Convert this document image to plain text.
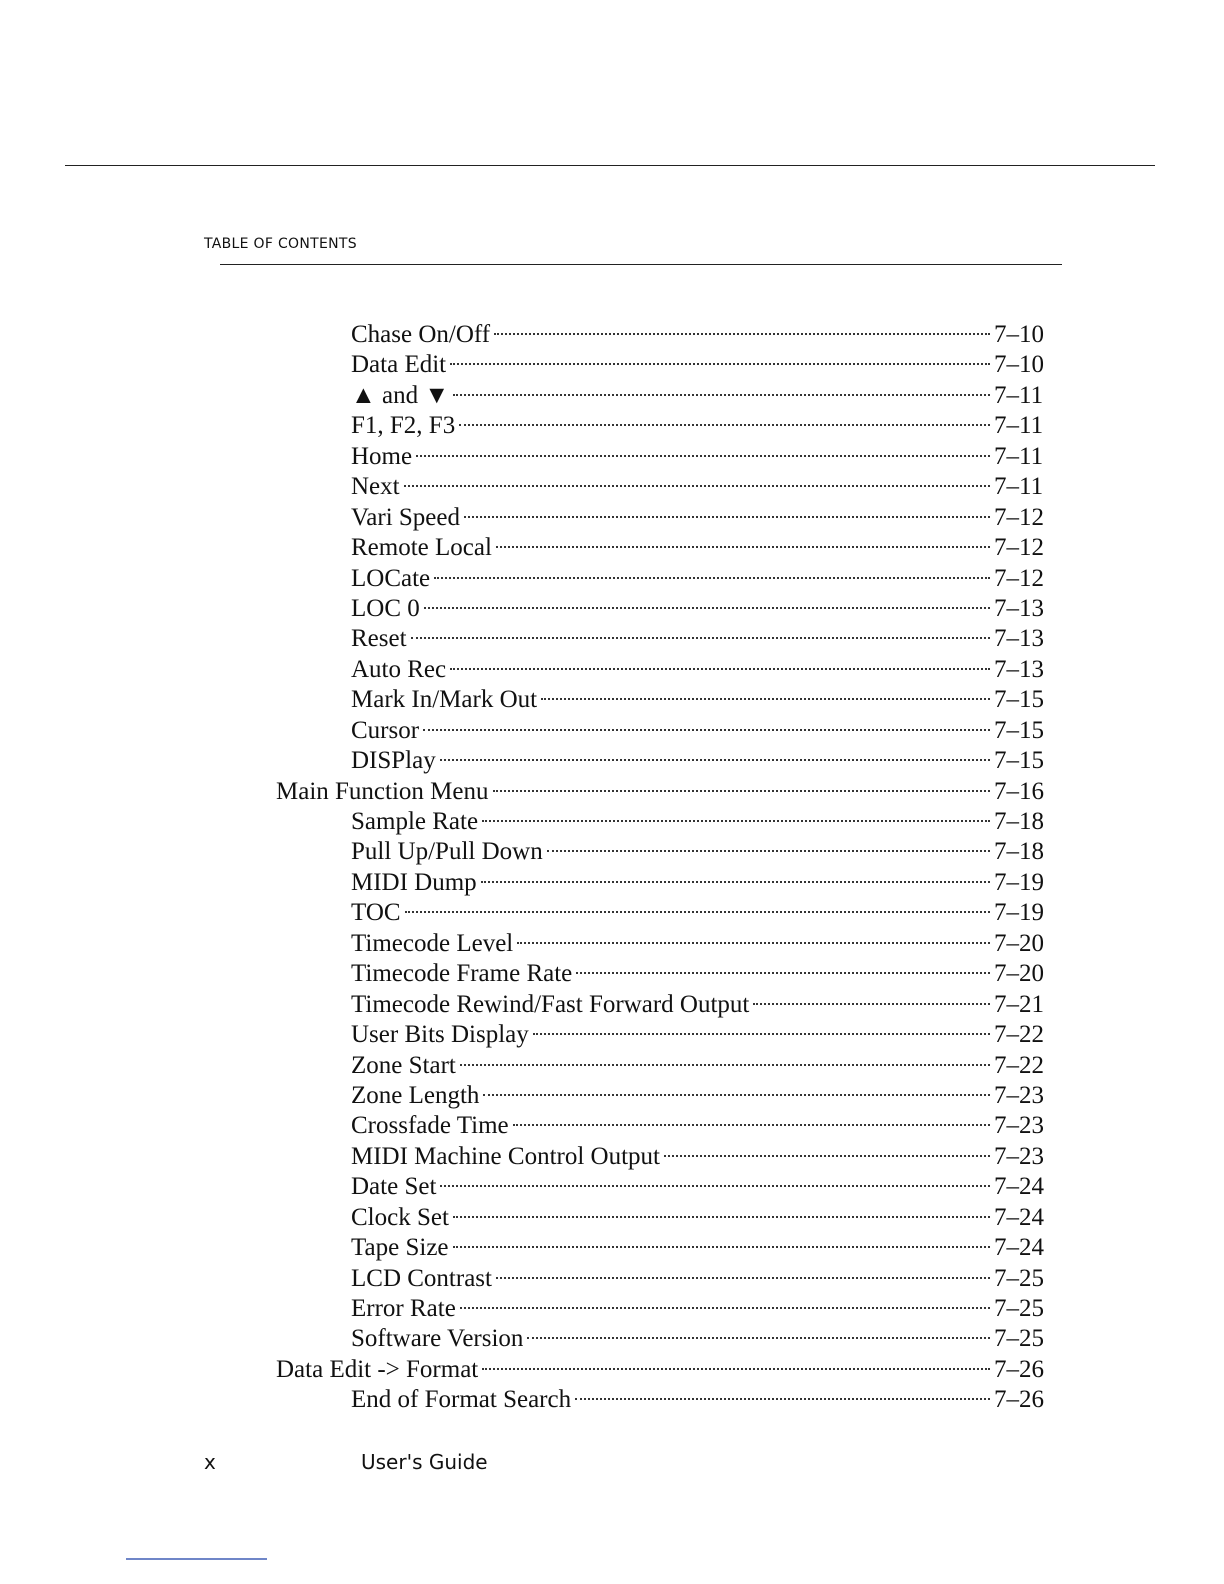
TABLE OF CONTENTS
Chase On/Off	7–10
Data Edit	7–10
▲ and ▼	7–11
F1, F2, F3	7–11
Home	7–11
Next	7–11
Vari Speed	7–12
Remote Local	7–12
LOCate	7–12
LOC 0	7–13
Reset	7–13
Auto Rec	7–13
Mark In/Mark Out	7–15
Cursor	7–15
DISPlay	7–15
Main Function Menu	7–16
Sample Rate	7–18
Pull Up/Pull Down	7–18
MIDI Dump	7–19
TOC	7–19
Timecode Level	7–20
Timecode Frame Rate	7–20
Timecode Rewind/Fast Forward Output	7–21
User Bits Display	7–22
Zone Start	7–22
Zone Length	7–23
Crossfade Time	7–23
MIDI Machine Control Output	7–23
Date Set	7–24
Clock Set	7–24
Tape Size	7–24
LCD Contrast	7–25
Error Rate	7–25
Software Version	7–25
Data Edit -> Format	7–26
End of Format Search	7–26
x	User's Guide
